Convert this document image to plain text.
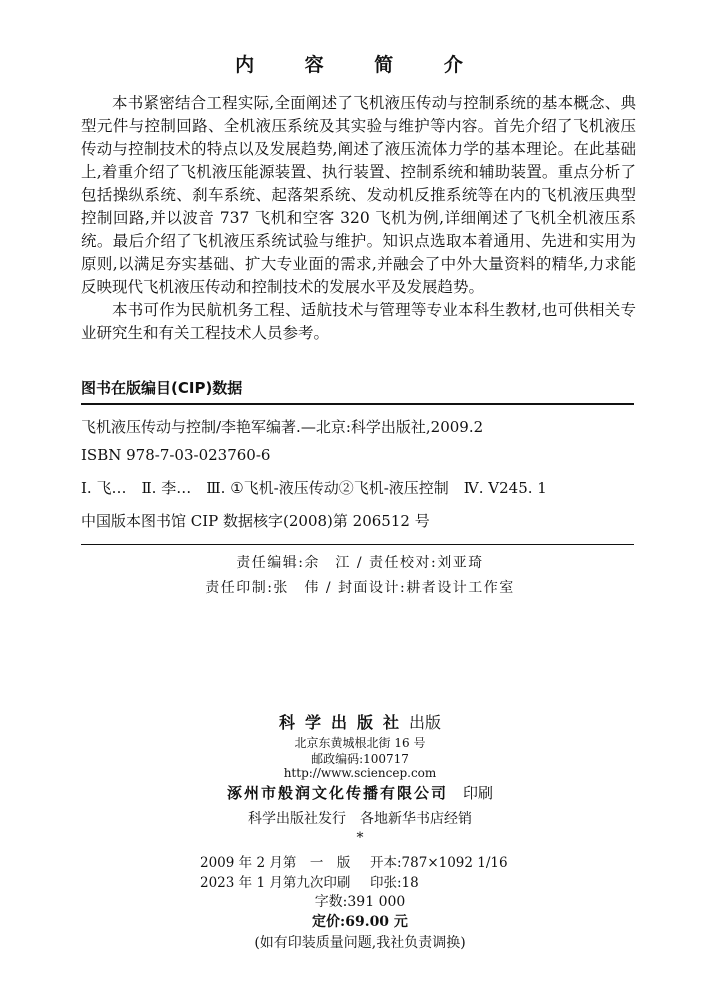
内 容 简 介

本书紧密结合工程实际,全面阐述了飞机液压传动与控制系统的基本概念、典型元件与控制回路、全机液压系统及其实验与维护等内容。首先介绍了飞机液压传动与控制技术的特点以及发展趋势,阐述了液压流体力学的基本理论。在此基础上,着重介绍了飞机液压能源装置、执行装置、控制系统和辅助装置。重点分析了包括操纵系统、刹车系统、起落架系统、发动机反推系统等在内的飞机液压典型控制回路,并以波音 737 飞机和空客 320 飞机为例,详细阐述了飞机全机液压系统。最后介绍了飞机液压系统试验与维护。知识点选取本着通用、先进和实用为原则,以满足夯实基础、扩大专业面的需求,并融会了中外大量资料的精华,力求能反映现代飞机液压传动和控制技术的发展水平及发展趋势。

本书可作为民航机务工程、适航技术与管理等专业本科生教材,也可供相关专业研究生和有关工程技术人员参考。

图书在版编目(CIP)数据
飞机液压传动与控制/李艳军编著.—北京:科学出版社,2009.2
ISBN 978-7-03-023760-6
Ⅰ. 飞…　Ⅱ. 李…　Ⅲ. ①飞机-液压传动②飞机-液压控制　Ⅳ. V245. 1
中国版本图书馆 CIP 数据核字(2008)第 206512 号
责任编辑:余　江 / 责任校对:刘亚琦
责任印制:张　伟 / 封面设计:耕者设计工作室
科学出版社出版
北京东黄城根北街 16 号
邮政编码:100717
http://www.sciencep.com
涿州市般润文化传播有限公司　 印刷
科学出版社发行　各地新华书店经销
*
2009 年 2 月第　一　版 开本:787×1092 1/16
2023 年 1 月第九次印刷 印张:18
字数:391 000
定价:69.00 元
(如有印装质量问题,我社负责调换)
